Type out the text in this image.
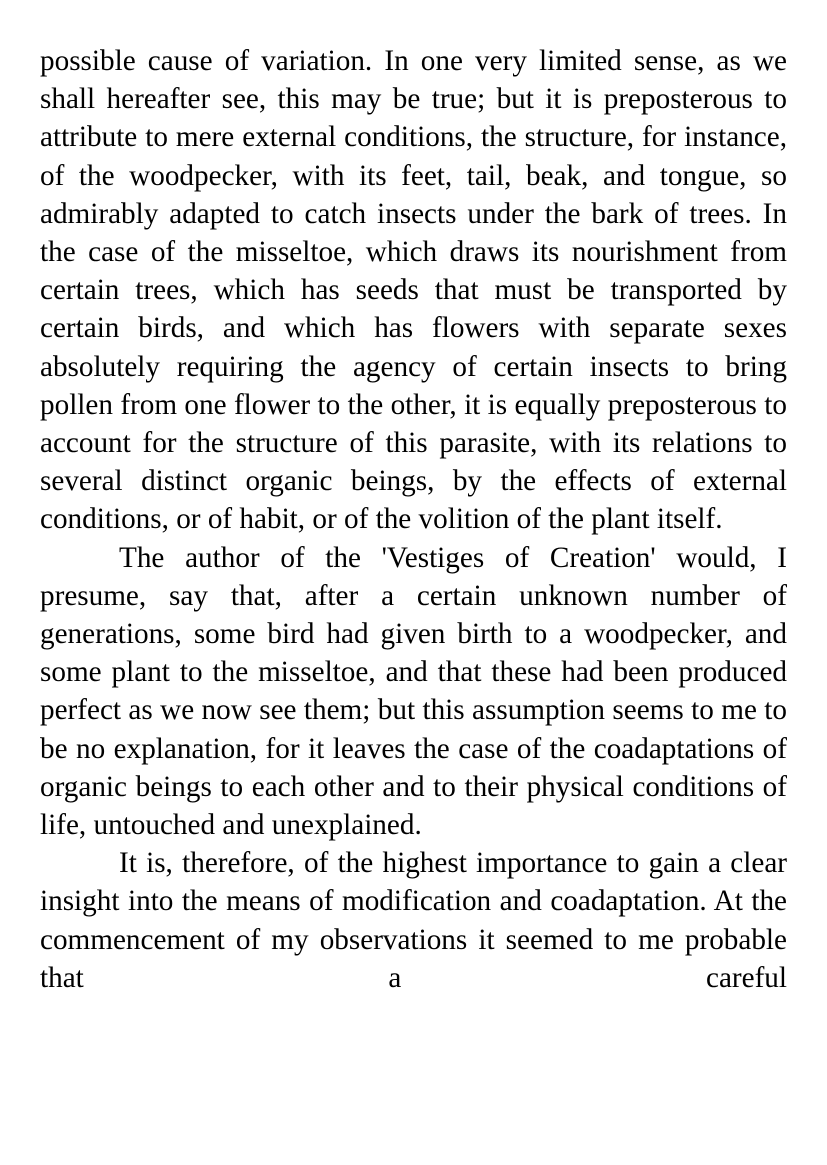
possible cause of variation. In one very limited sense, as we shall hereafter see, this may be true; but it is preposterous to attribute to mere external conditions, the structure, for instance, of the woodpecker, with its feet, tail, beak, and tongue, so admirably adapted to catch insects under the bark of trees. In the case of the misseltoe, which draws its nourishment from certain trees, which has seeds that must be transported by certain birds, and which has flowers with separate sexes absolutely requiring the agency of certain insects to bring pollen from one flower to the other, it is equally preposterous to account for the structure of this parasite, with its relations to several distinct organic beings, by the effects of external conditions, or of habit, or of the volition of the plant itself.

The author of the 'Vestiges of Creation' would, I presume, say that, after a certain unknown number of generations, some bird had given birth to a woodpecker, and some plant to the misseltoe, and that these had been produced perfect as we now see them; but this assumption seems to me to be no explanation, for it leaves the case of the coadaptations of organic beings to each other and to their physical conditions of life, untouched and unexplained.

It is, therefore, of the highest importance to gain a clear insight into the means of modification and coadaptation. At the commencement of my observations it seemed to me probable that a careful
